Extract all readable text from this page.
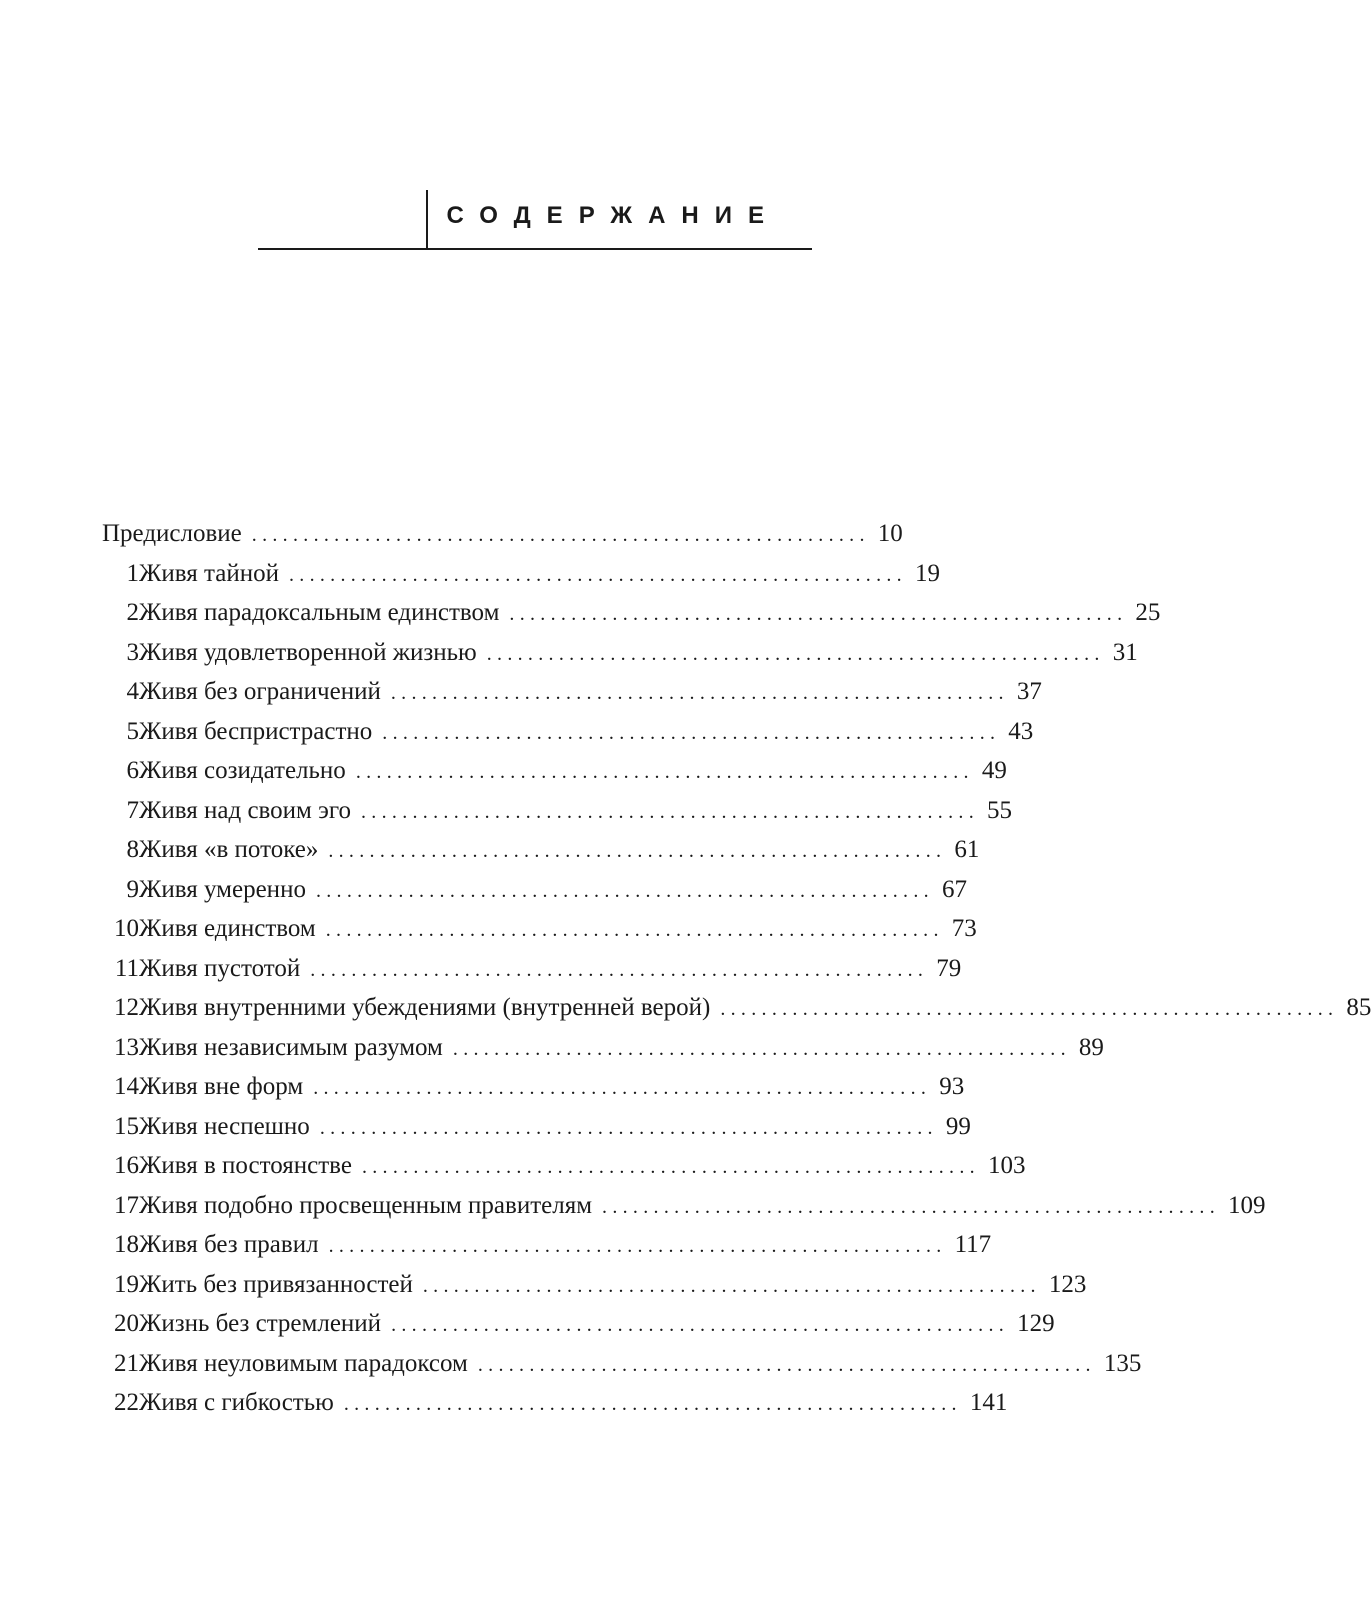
СОДЕРЖАНИЕ
Предисловие ............................................................ 10
1 Живя тайной ............................................................ 19
2 Живя парадоксальным единством ............................................................ 25
3 Живя удовлетворенной жизнью ............................................................ 31
4 Живя без ограничений ............................................................ 37
5 Живя беспристрастно ............................................................ 43
6 Живя созидательно ............................................................ 49
7 Живя над своим эго ............................................................ 55
8 Живя «в потоке» ............................................................ 61
9 Живя умеренно ............................................................ 67
10 Живя единством ............................................................ 73
11 Живя пустотой ............................................................ 79
12 Живя внутренними убеждениями (внутренней верой) ............................................................ 85
13 Живя независимым разумом ............................................................ 89
14 Живя вне форм ............................................................ 93
15 Живя неспешно ............................................................ 99
16 Живя в постоянстве ............................................................ 103
17 Живя подобно просвещенным правителям ............................................................ 109
18 Живя без правил ............................................................ 117
19 Жить без привязанностей ............................................................ 123
20 Жизнь без стремлений ............................................................ 129
21 Живя неуловимым парадоксом ............................................................ 135
22 Живя с гибкостью ............................................................ 141
